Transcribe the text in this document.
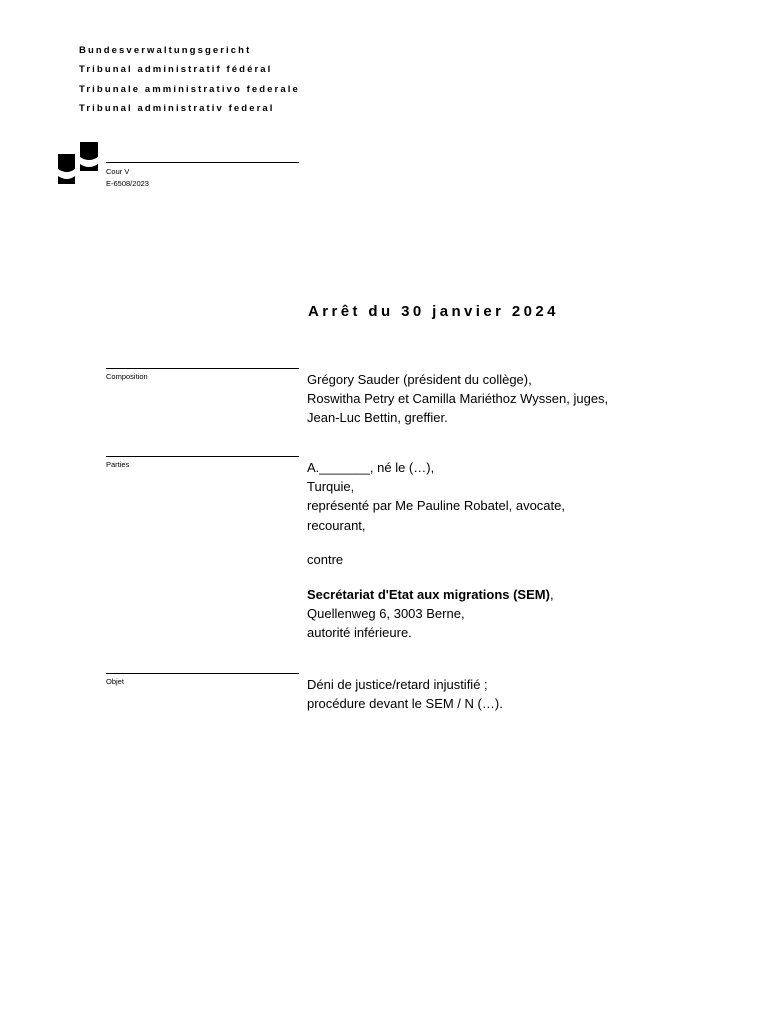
Bundesverwaltungsgericht
Tribunal administratif fédéral
Tribunale amministrativo federale
Tribunal administrativ federal
Cour V
E-6508/2023
Arrêt du 30 janvier 2024
Composition	Grégory Sauder (président du collège),
Roswitha Petry et Camilla Mariéthoz Wyssen, juges,
Jean-Luc Bettin, greffier.
Parties	A._______, né le (…),
Turquie,
représenté par Me Pauline Robatel, avocate,
recourant,
contre
Secrétariat d'Etat aux migrations (SEM),
Quellenweg 6, 3003 Berne,
autorité inférieure.
Objet	Déni de justice/retard injustifié ;
procédure devant le SEM / N (…).
